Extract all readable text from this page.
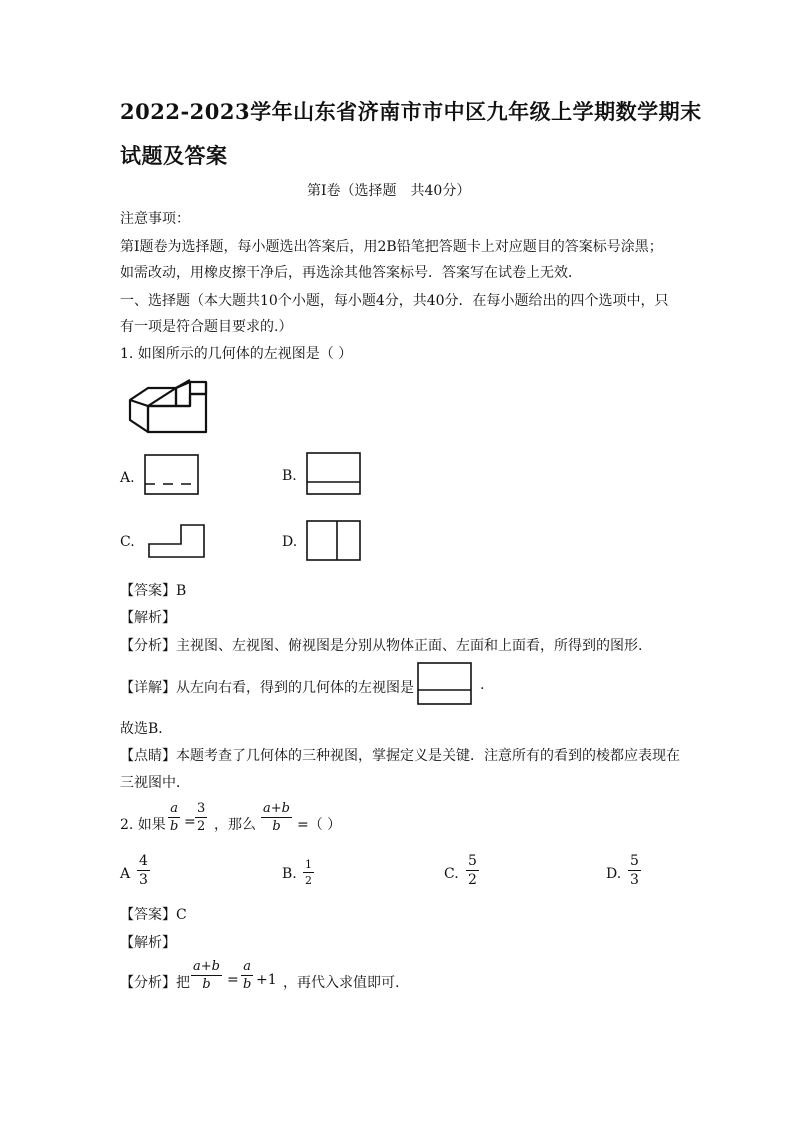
2022-2023学年山东省济南市市中区九年级上学期数学期末
试题及答案
第Ⅰ卷（选择题　共40分）
注意事项：
第Ⅰ题卷为选择题，每小题选出答案后，用2B铅笔把答题卡上对应题目的答案标号涂黑；
如需改动，用橡皮擦干净后，再选涂其他答案标号．答案写在试卷上无效．
一、选择题（本大题共10个小题，每小题4分，共40分．在每小题给出的四个选项中，只
有一项是符合题目要求的.）
1. 如图所示的几何体的左视图是（ ）
A.	B.
C.	D.
【答案】B
【解析】
【分析】主视图、左视图、俯视图是分别从物体正面、左面和上面看，所得到的图形.
【详解】从左向右看，得到的几何体的左视图是	.
故选B．
【点睛】本题考查了几何体的三种视图，掌握定义是关键．注意所有的看到的棱都应表现在
三视图中．
2. 如果
a
b =
3
2 ，那么
a+b
b	=（ ）
A
4
3	B.
1
2	C.
5
2	D.
5
3
【答案】C
【解析】
【分析】把
a+b
b	=
a
b +1 ，再代入求值即可.
